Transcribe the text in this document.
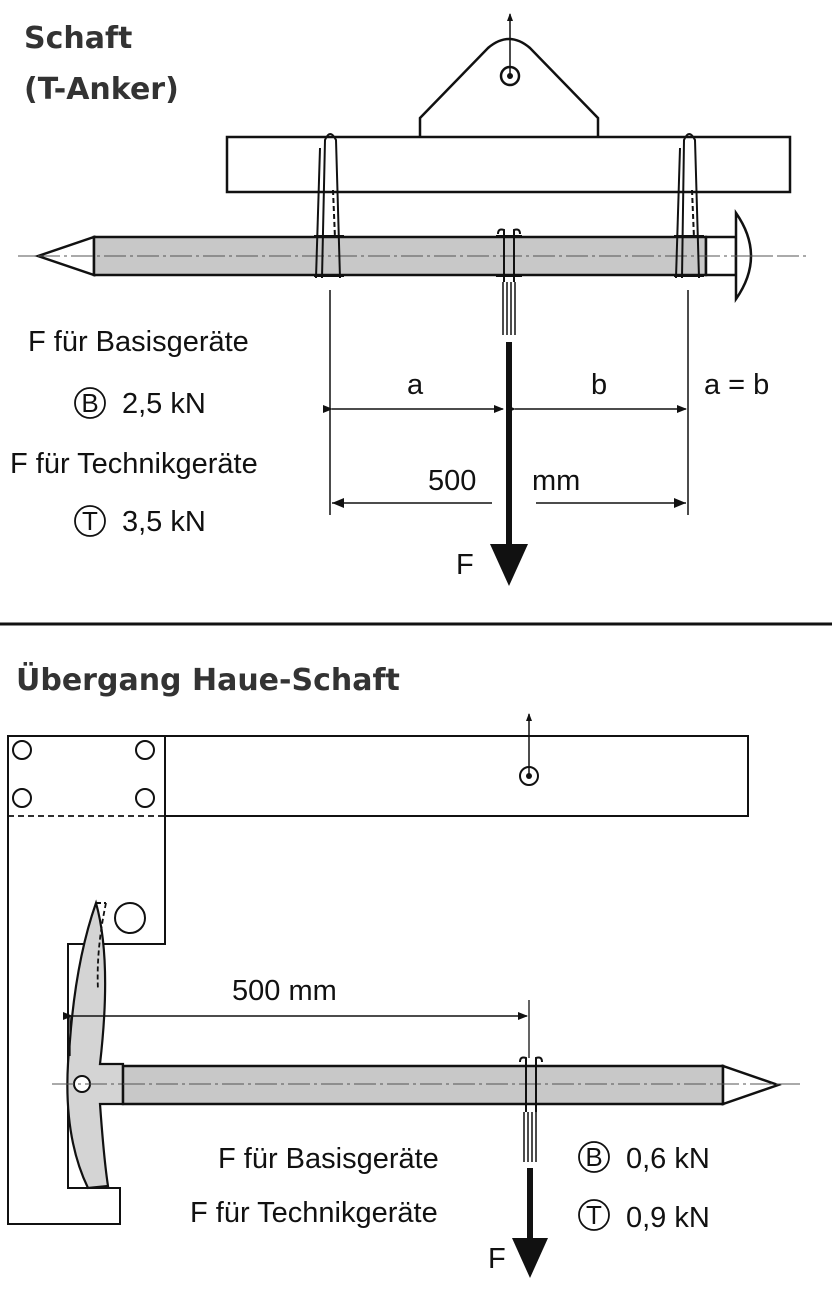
Schaft
(T-Anker)
F
a	b	a = b
500 mm
F für Basisgeräte
B 2,5 kN
F für Technikgeräte
T 3,5 kN
Übergang Haue-Schaft
500 mm
F
F für Basisgeräte	B 0,6 kN
F für Technikgeräte	T 0,9 kN
